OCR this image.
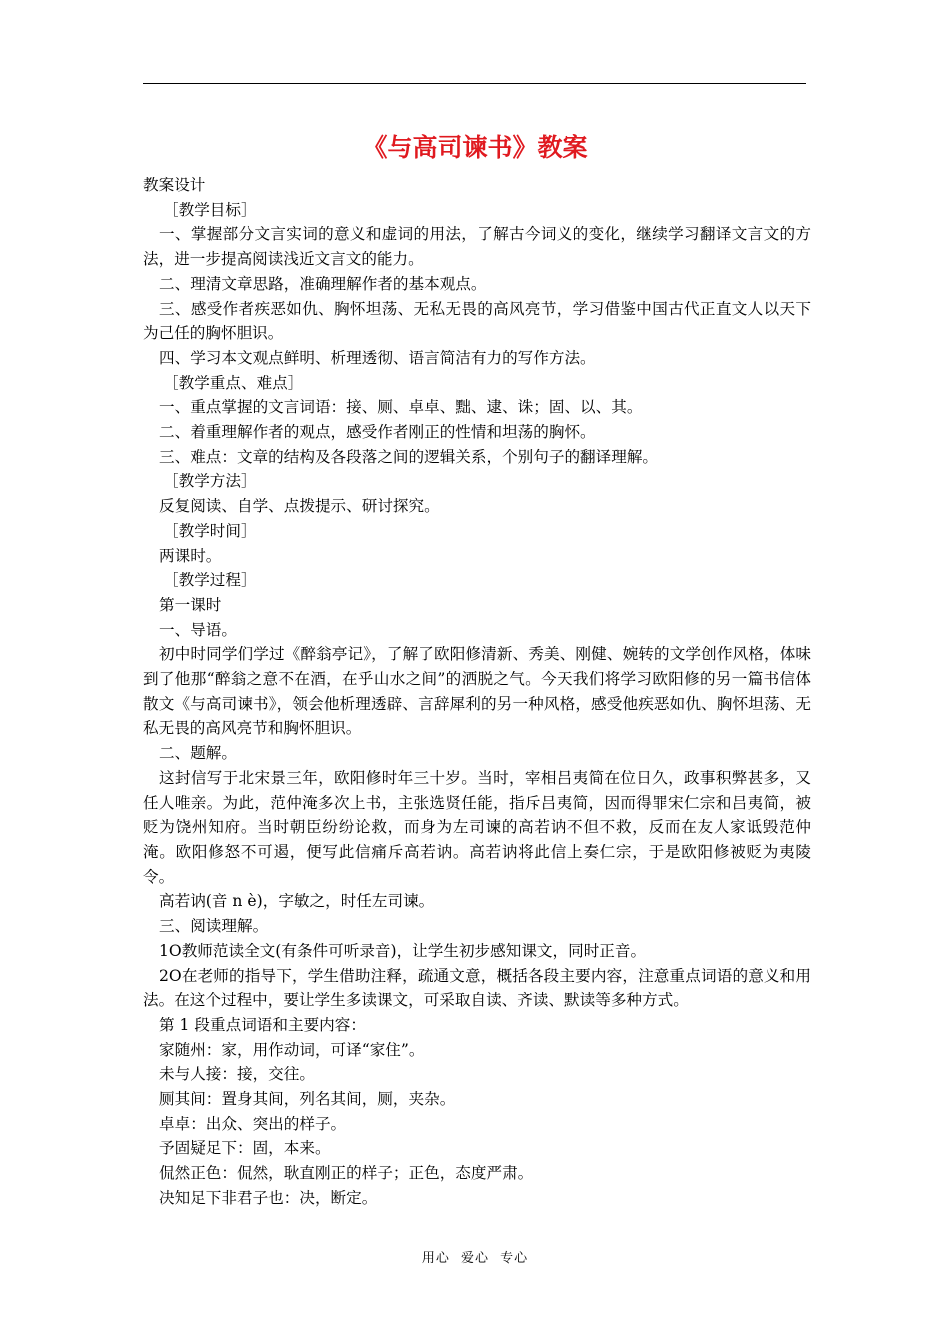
《与高司谏书》教案

教案设计

［教学目标］

一、掌握部分文言实词的意义和虚词的用法，了解古今词义的变化，继续学习翻译文言文的方法，进一步提高阅读浅近文言文的能力。

二、理清文章思路，准确理解作者的基本观点。

三、感受作者疾恶如仇、胸怀坦荡、无私无畏的高风亮节，学习借鉴中国古代正直文人以天下为己任的胸怀胆识。

四、学习本文观点鲜明、析理透彻、语言简洁有力的写作方法。

［教学重点、难点］

一、重点掌握的文言词语：接、厕、卓卓、黜、逮、诛；固、以、其。

二、着重理解作者的观点，感受作者刚正的性情和坦荡的胸怀。

三、难点：文章的结构及各段落之间的逻辑关系，个别句子的翻译理解。

［教学方法］

反复阅读、自学、点拨提示、研讨探究。

［教学时间］

两课时。

［教学过程］

第一课时

一、导语。

初中时同学们学过《醉翁亭记》，了解了欧阳修清新、秀美、刚健、婉转的文学创作风格，体味到了他那“醉翁之意不在酒，在乎山水之间”的洒脱之气。今天我们将学习欧阳修的另一篇书信体散文《与高司谏书》，领会他析理透辟、言辞犀利的另一种风格，感受他疾恶如仇、胸怀坦荡、无私无畏的高风亮节和胸怀胆识。

二、题解。

这封信写于北宋景三年，欧阳修时年三十岁。当时，宰相吕夷简在位日久，政事积弊甚多，又任人唯亲。为此，范仲淹多次上书，主张选贤任能，指斥吕夷简，因而得罪宋仁宗和吕夷简，被贬为饶州知府。当时朝臣纷纷论救，而身为左司谏的高若讷不但不救，反而在友人家诋毁范仲淹。欧阳修怒不可遏，便写此信痛斥高若讷。高若讷将此信上奏仁宗，于是欧阳修被贬为夷陵令。

高若讷(音 n è)，字敏之，时任左司谏。

三、阅读理解。

1O教师范读全文(有条件可听录音)，让学生初步感知课文，同时正音。

2O在老师的指导下，学生借助注释，疏通文意，概括各段主要内容，注意重点词语的意义和用法。在这个过程中，要让学生多读课文，可采取自读、齐读、默读等多种方式。

第 1 段重点词语和主要内容：

家随州：家，用作动词，可译“家住”。

未与人接：接，交往。

厕其间：置身其间，列名其间，厕，夹杂。

卓卓：出众、突出的样子。

予固疑足下：固，本来。

侃然正色：侃然，耿直刚正的样子；正色，态度严肃。

决知足下非君子也：决，断定。

用心 爱心 专心
